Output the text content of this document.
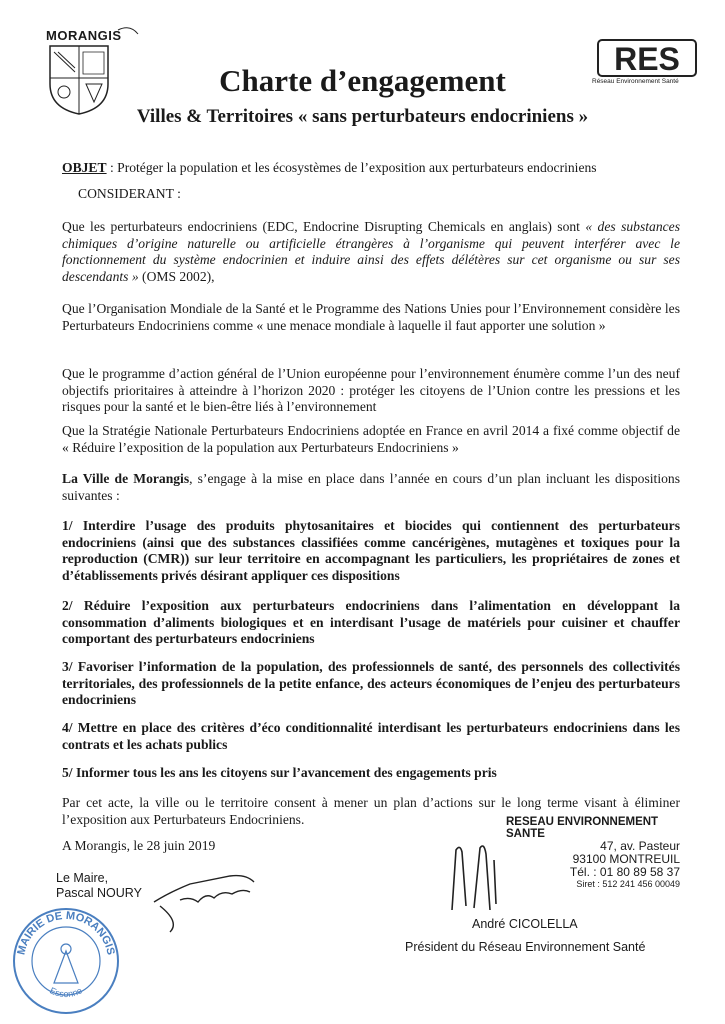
MORANGIS
RES
Réseau Environnement Santé
Charte d’engagement
Villes & Territoires « sans perturbateurs endocriniens »
OBJET : Protéger la population et les écosystèmes de l’exposition aux perturbateurs endocriniens
CONSIDERANT :
Que les perturbateurs endocriniens (EDC, Endocrine Disrupting Chemicals en anglais) sont « des substances chimiques d’origine naturelle ou artificielle étrangères à l’organisme qui peuvent interférer avec le fonctionnement du système endocrinien et induire ainsi des effets délétères sur cet organisme ou sur ses descendants » (OMS 2002),
Que l’Organisation Mondiale de la Santé et le Programme des Nations Unies pour l’Environnement considère les Perturbateurs Endocriniens comme « une menace mondiale à laquelle il faut apporter une solution »
Que le programme d’action général de l’Union européenne pour l’environnement énumère comme l’un des neuf objectifs prioritaires à atteindre à l’horizon 2020 : protéger les citoyens de l’Union contre les pressions et les risques pour la santé et le bien-être liés à l’environnement
Que la Stratégie Nationale Perturbateurs Endocriniens adoptée en France en avril 2014 a fixé comme objectif de « Réduire l’exposition de la population aux Perturbateurs Endocriniens »
La Ville de Morangis, s’engage à la mise en place dans l’année en cours d’un plan incluant les dispositions suivantes :
1/ Interdire l’usage des produits phytosanitaires et biocides qui contiennent des perturbateurs endocriniens (ainsi que des substances classifiées comme cancérigènes, mutagènes et toxiques pour la reproduction (CMR)) sur leur territoire en accompagnant les particuliers, les propriétaires de zones et d’établissements privés désirant appliquer ces dispositions
2/ Réduire l’exposition aux perturbateurs endocriniens dans l’alimentation en développant la consommation d’aliments biologiques et en interdisant l’usage de matériels pour cuisiner et chauffer comportant des perturbateurs endocriniens
3/ Favoriser l’information de la population, des professionnels de santé, des personnels des collectivités territoriales, des professionnels de la petite enfance, des acteurs économiques de l’enjeu des perturbateurs endocriniens
4/ Mettre en place des critères d’éco conditionnalité interdisant les perturbateurs endocriniens dans les contrats et les achats publics
5/ Informer tous les ans les citoyens sur l’avancement des engagements pris
Par cet acte, la ville ou le territoire consent à mener un plan d’actions sur le long terme visant à éliminer l’exposition aux Perturbateurs Endocriniens.
A Morangis, le 28 juin 2019
Le Maire,
Pascal NOURY
MAIRIE DE MORANGIS
Essonne
RESEAU ENVIRONNEMENT SANTE
47, av. Pasteur
93100 MONTREUIL
Tél. : 01 80 89 58 37
Siret : 512 241 456 00049
André CICOLELLA
Président du Réseau Environnement Santé
